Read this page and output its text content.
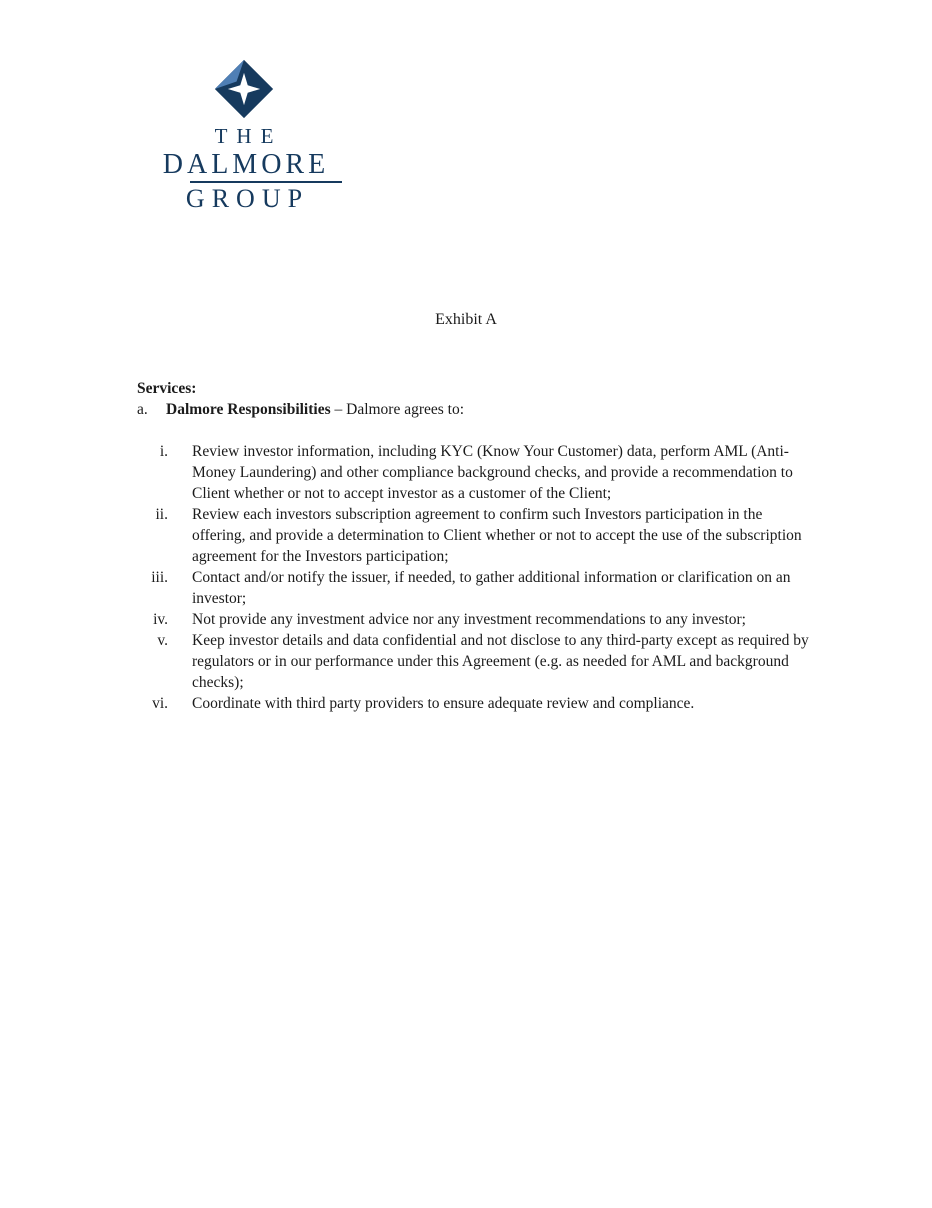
THE
DALMORE
GROUP
Exhibit A
Services:
a.	Dalmore Responsibilities – Dalmore agrees to:
i. Review investor information, including KYC (Know Your Customer) data, perform AML (Anti-Money Laundering) and other compliance background checks, and provide a recommendation to Client whether or not to accept investor as a customer of the Client;
ii. Review each investors subscription agreement to confirm such Investors participation in the offering, and provide a determination to Client whether or not to accept the use of the subscription agreement for the Investors participation;
iii. Contact and/or notify the issuer, if needed, to gather additional information or clarification on an investor;
iv. Not provide any investment advice nor any investment recommendations to any investor;
v. Keep investor details and data confidential and not disclose to any third-party except as required by regulators or in our performance under this Agreement (e.g. as needed for AML and background checks);
vi. Coordinate with third party providers to ensure adequate review and compliance.
